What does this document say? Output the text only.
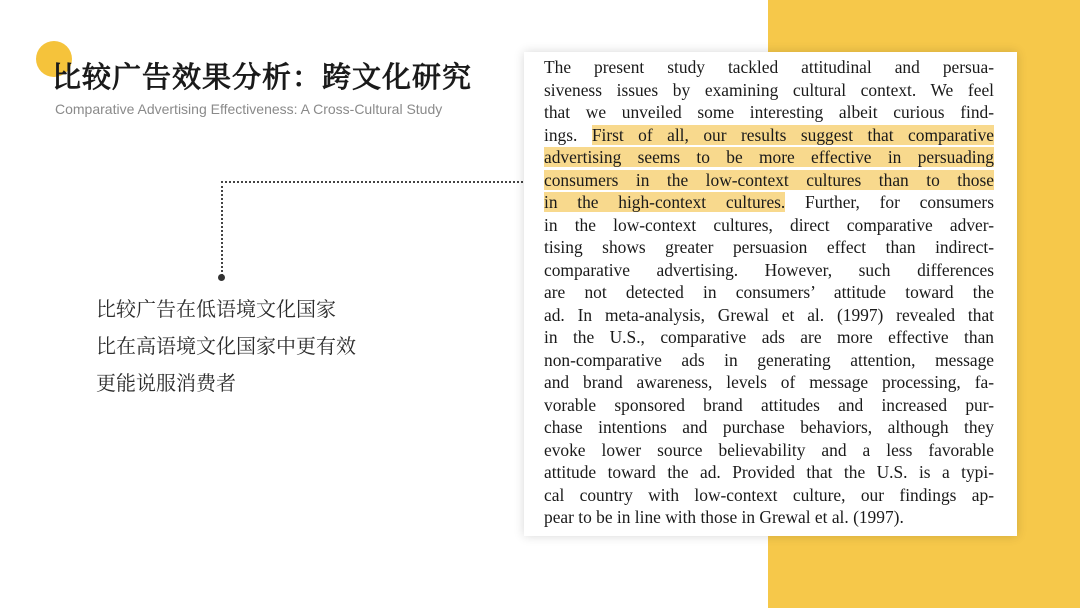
比较广告效果分析：跨文化研究
Comparative Advertising Effectiveness: A Cross-Cultural Study
比较广告在低语境文化国家
比在高语境文化国家中更有效
更能说服消费者
The present study tackled attitudinal and persua-
siveness issues by examining cultural context. We feel
that we unveiled some interesting albeit curious find-
ings. First of all, our results suggest that comparative
advertising seems to be more effective in persuading
consumers in the low-context cultures than to those
in the high-context cultures. Further, for consumers
in the low-context cultures, direct comparative adver-
tising shows greater persuasion effect than indirect-
comparative advertising. However, such differences
are not detected in consumers’ attitude toward the
ad. In meta-analysis, Grewal et al. (1997) revealed that
in the U.S., comparative ads are more effective than
non-comparative ads in generating attention, message
and brand awareness, levels of message processing, fa-
vorable sponsored brand attitudes and increased pur-
chase intentions and purchase behaviors, although they
evoke lower source believability and a less favorable
attitude toward the ad. Provided that the U.S. is a typi-
cal country with low-context culture, our findings ap-
pear to be in line with those in Grewal et al. (1997).
